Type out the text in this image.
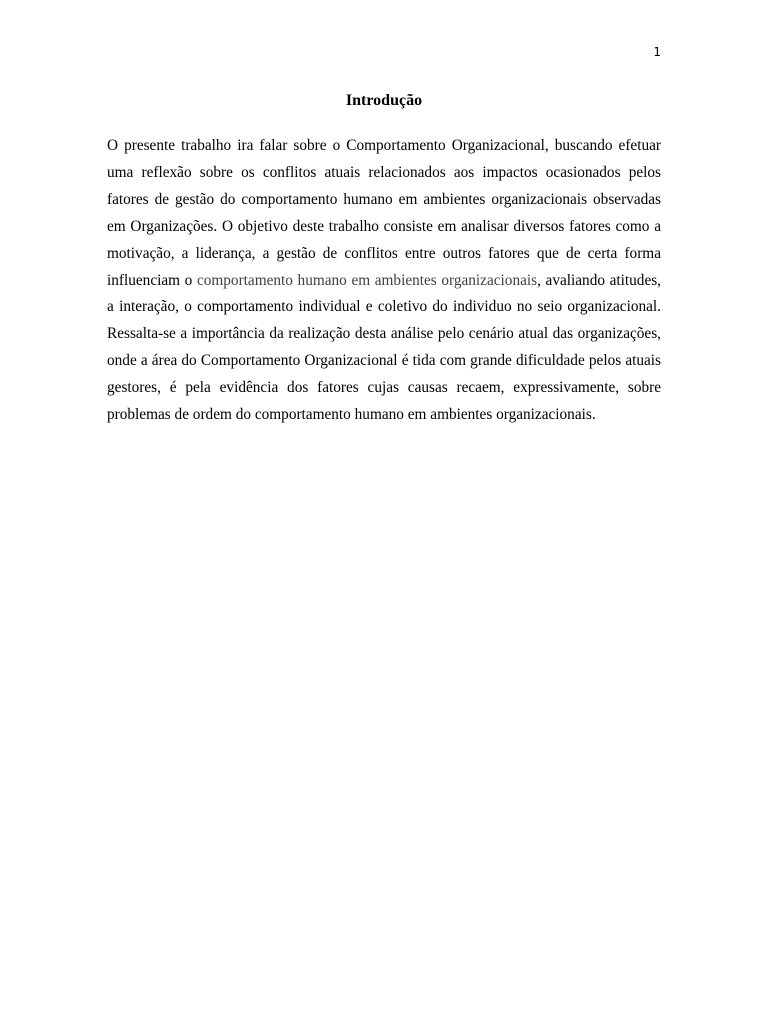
1
Introdução

O presente trabalho ira falar sobre o Comportamento Organizacional, buscando efetuar uma reflexão sobre os conflitos atuais relacionados aos impactos ocasionados pelos fatores de gestão do comportamento humano em ambientes organizacionais observadas em Organizações. O objetivo deste trabalho consiste em analisar diversos fatores como a motivação, a liderança, a gestão de conflitos entre outros fatores que de certa forma influenciam o comportamento humano em ambientes organizacionais, avaliando atitudes, a interação, o comportamento individual e coletivo do individuo no seio organizacional. Ressalta-se a importância da realização desta análise pelo cenário atual das organizações, onde a área do Comportamento Organizacional é tida com grande dificuldade pelos atuais gestores, é pela evidência dos fatores cujas causas recaem, expressivamente, sobre problemas de ordem do comportamento humano em ambientes organizacionais.
